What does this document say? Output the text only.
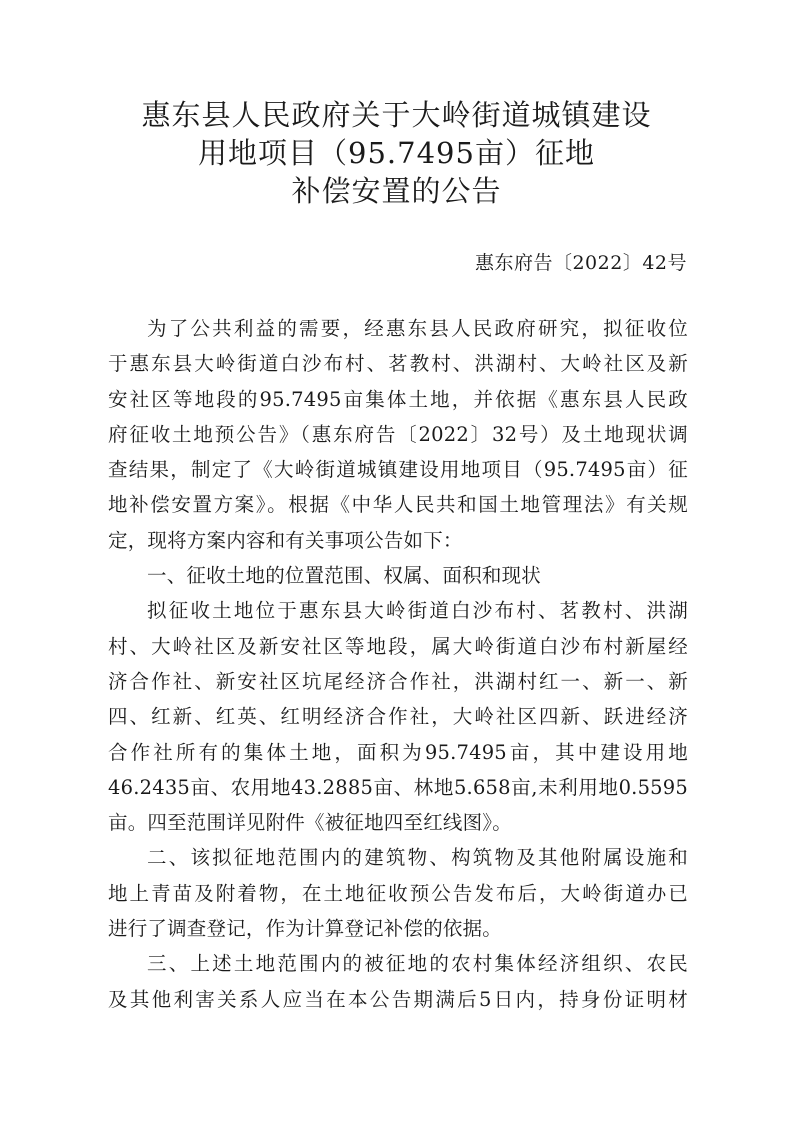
惠东县人民政府关于大岭街道城镇建设
用地项目（95.7495亩）征地
补偿安置的公告
惠东府告〔2022〕42号
为了公共利益的需要，经惠东县人民政府研究，拟征收位
于惠东县大岭街道白沙布村、茗教村、洪湖村、大岭社区及新
安社区等地段的95.7495亩集体土地，并依据《惠东县人民政
府征收土地预公告》（惠东府告〔2022〕32号）及土地现状调
查结果，制定了《大岭街道城镇建设用地项目（95.7495亩）征
地补偿安置方案》。根据《中华人民共和国土地管理法》有关规
定，现将方案内容和有关事项公告如下：
一、征收土地的位置范围、权属、面积和现状
拟征收土地位于惠东县大岭街道白沙布村、茗教村、洪湖
村、大岭社区及新安社区等地段，属大岭街道白沙布村新屋经
济合作社、新安社区坑尾经济合作社，洪湖村红一、新一、新
四、红新、红英、红明经济合作社，大岭社区四新、跃进经济
合作社所有的集体土地，面积为95.7495亩，其中建设用地
46.2435亩、农用地43.2885亩、林地5.658亩,未利用地0.5595
亩。四至范围详见附件《被征地四至红线图》。
二、该拟征地范围内的建筑物、构筑物及其他附属设施和
地上青苗及附着物，在土地征收预公告发布后，大岭街道办已
进行了调查登记，作为计算登记补偿的依据。
三、上述土地范围内的被征地的农村集体经济组织、农民
及其他利害关系人应当在本公告期满后5日内，持身份证明材
